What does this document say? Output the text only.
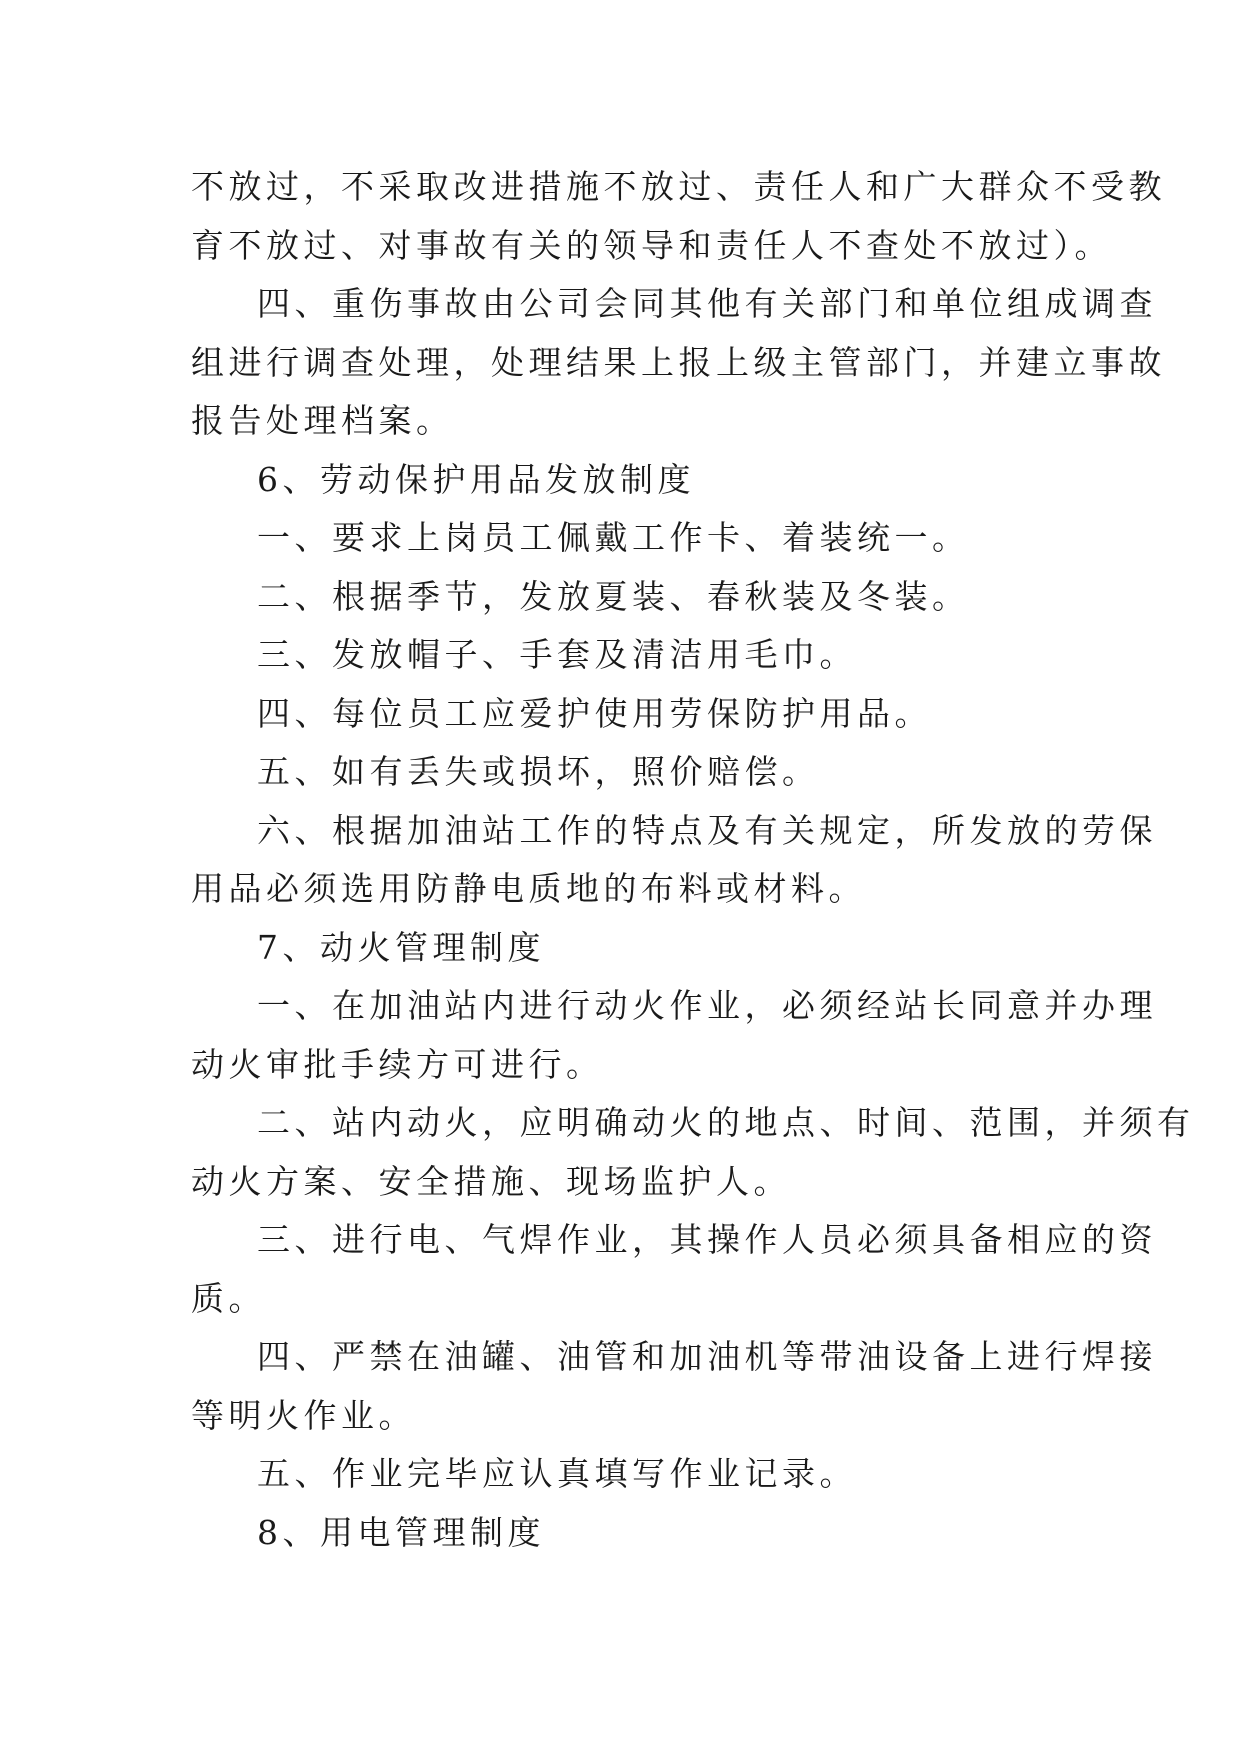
不放过，不采取改进措施不放过、责任人和广大群众不受教
育不放过、对事故有关的领导和责任人不查处不放过）。
四、重伤事故由公司会同其他有关部门和单位组成调查
组进行调查处理，处理结果上报上级主管部门，并建立事故
报告处理档案。
6、劳动保护用品发放制度
一、要求上岗员工佩戴工作卡、着装统一。
二、根据季节，发放夏装、春秋装及冬装。
三、发放帽子、手套及清洁用毛巾。
四、每位员工应爱护使用劳保防护用品。
五、如有丢失或损坏，照价赔偿。
六、根据加油站工作的特点及有关规定，所发放的劳保
用品必须选用防静电质地的布料或材料。
7、动火管理制度
一、在加油站内进行动火作业，必须经站长同意并办理
动火审批手续方可进行。
二、站内动火，应明确动火的地点、时间、范围，并须有
动火方案、安全措施、现场监护人。
三、进行电、气焊作业，其操作人员必须具备相应的资
质。
四、严禁在油罐、油管和加油机等带油设备上进行焊接
等明火作业。
五、作业完毕应认真填写作业记录。
8、用电管理制度
